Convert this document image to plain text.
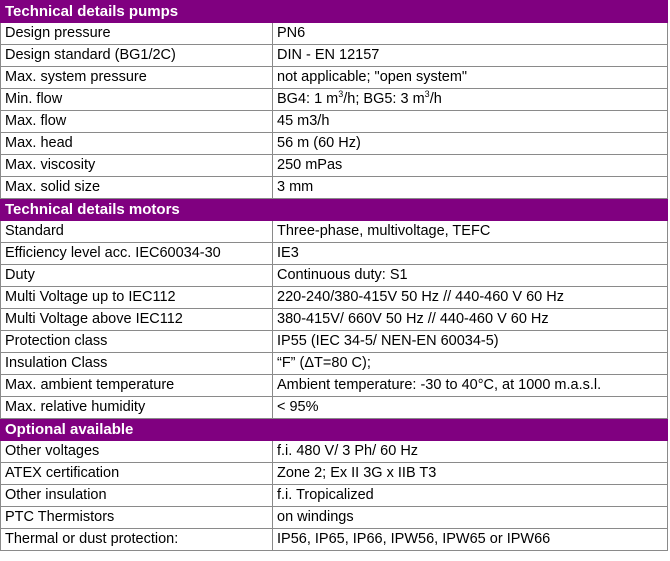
Technical details pumps	
Design pressure	PN6
Design standard (BG1/2C)	DIN - EN 12157
Max. system pressure	not applicable; "open system"
Min. flow	BG4: 1 $m^3/h$; BG5: 3 $m^3/h$
Max. flow	45 m3/h
Max. head	56 m (60 Hz)
Max. viscosity	250 mPas
Max. solid size	3 mm
Technical details motors	
Standard	Three-phase, multivoltage, TEFC
Efficiency level acc. IEC60034-30	IE3
Duty	Continuous duty: S1
Multi Voltage up to IEC112	220-240/380-415V 50 Hz // 440-460 V 60 Hz
Multi Voltage above IEC112	380-415V/ 660V 50 Hz // 440-460 V 60 Hz
Protection class	IP55 (IEC 34-5/ NEN-EN 60034-5)
Insulation Class	“F” (ΔT=80 C);
Max. ambient temperature	Ambient temperature: -30 to 40°C, at 1000 m.a.s.l.
Max. relative humidity	< 95%
Optional available	
Other voltages	f.i. 480 V/ 3 Ph/ 60 Hz
ATEX certification	Zone 2; Ex II 3G x IIB T3
Other insulation	f.i. Tropicalized
PTC Thermistors	on windings
Thermal or dust protection:	IP56, IP65, IP66, IPW56, IPW65 or IPW66
